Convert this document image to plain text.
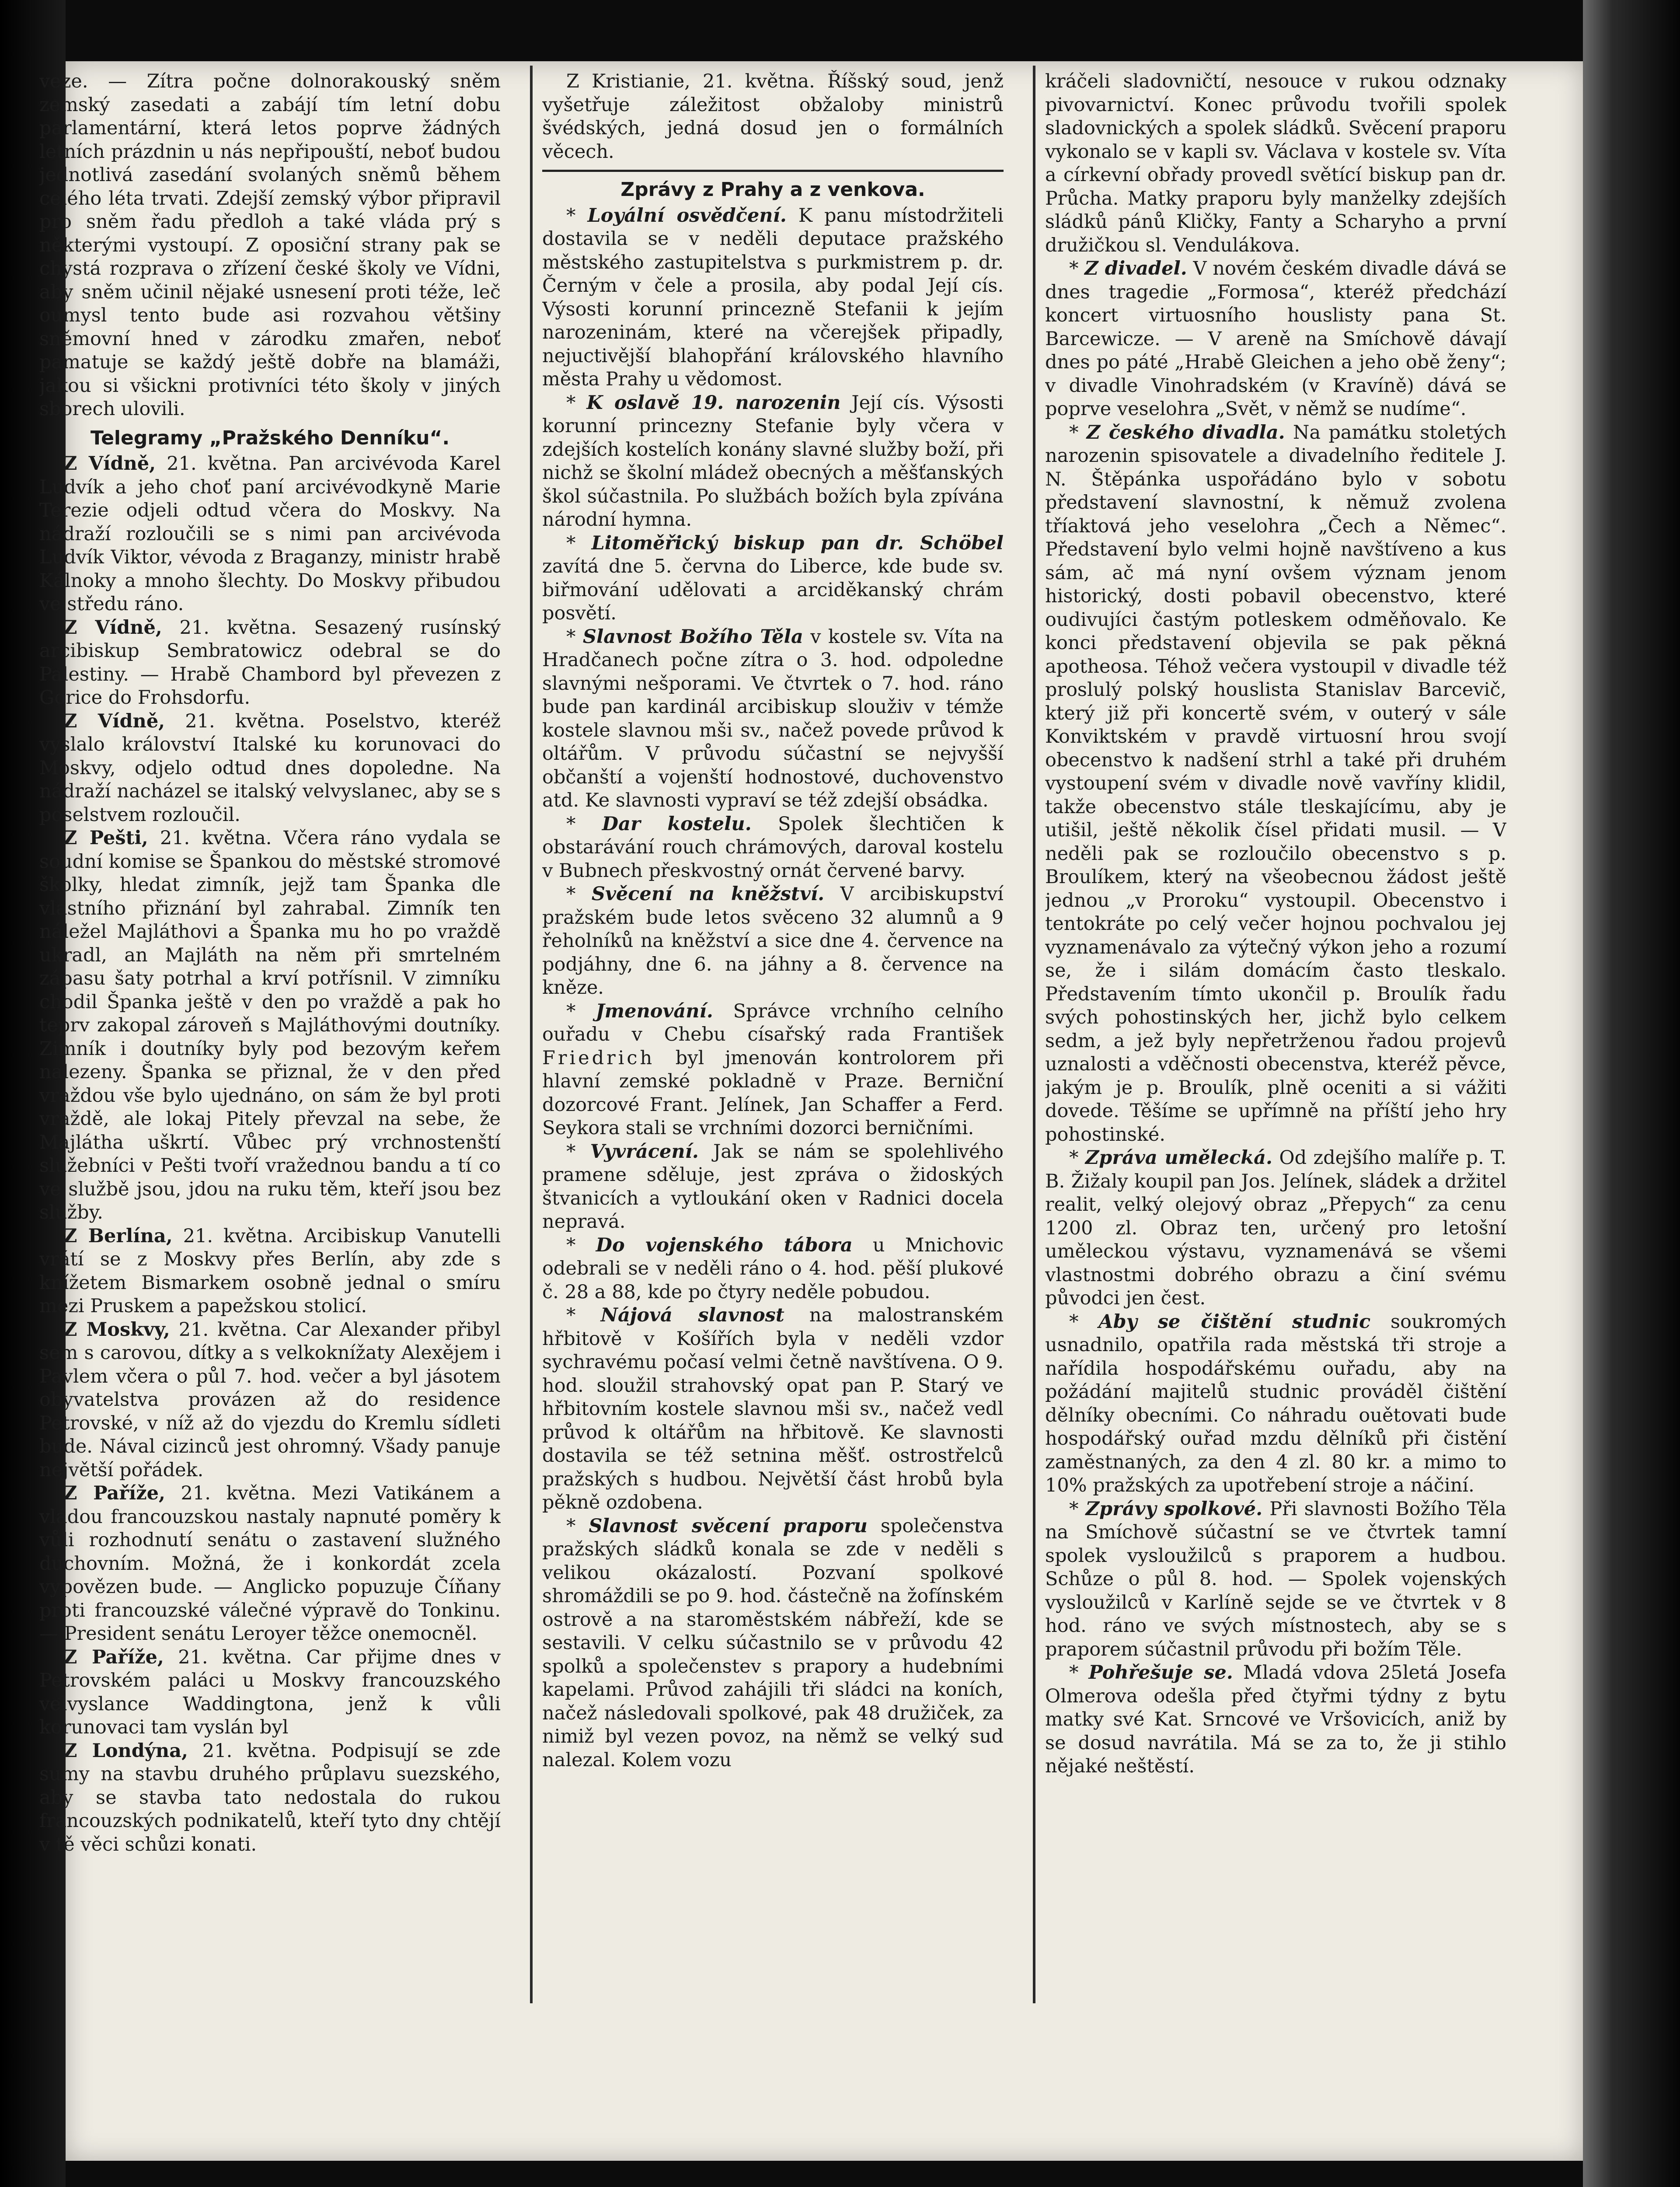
veze. — Zítra počne dolnorakouský sněm zemský zasedati a zabájí tím letní dobu parlamentární, která letos poprve žádných letních prázdnin u nás nepřipouští, neboť budou jednotlivá zasedání svolaných sněmů během celého léta trvati. Zdejší zemský výbor připravil pro sněm řadu předloh a také vláda prý s některými vystoupí. Z oposiční strany pak se chystá rozprava o zřízení české školy ve Vídni, aby sněm učinil nějaké usnesení proti téže, leč oumysl tento bude asi rozvahou většiny sněmovní hned v zárodku zmařen, neboť pamatuje se každý ještě dobře na blamáži, jakou si všickni protivníci této školy v jiných sborech ulovili.

Telegramy „Pražského Denníku“.

Z Vídně, 21. května. Pan arcivévoda Karel Ludvík a jeho choť paní arcivévodkyně Marie Terezie odjeli odtud včera do Moskvy. Na nádraží rozloučili se s nimi pan arcivévoda Ludvík Viktor, vévoda z Braganzy, ministr hrabě Kálnoky a mnoho šlechty. Do Moskvy přibudou ve středu ráno.

Z Vídně, 21. května. Sesazený rusínský arcibiskup Sembratowicz odebral se do Palestiny. — Hrabě Chambord byl převezen z Gorice do Frohsdorfu.

Z Vídně, 21. května. Poselstvo, kteréž vyslalo království Italské ku korunovaci do Moskvy, odjelo odtud dnes dopoledne. Na nádraží nacházel se italský velvyslanec, aby se s poselstvem rozloučil.

Z Pešti, 21. května. Včera ráno vydala se soudní komise se Špankou do městské stromové školky, hledat zimník, jejž tam Španka dle vlastního přiznání byl zahrabal. Zimník ten náležel Majláthovi a Španka mu ho po vraždě ukradl, an Majláth na něm při smrtelném zápasu šaty potrhal a krví potřísnil. V zimníku chodil Španka ještě v den po vraždě a pak ho teprv zakopal zároveň s Majláthovými doutníky. Zimník i doutníky byly pod bezovým keřem nalezeny. Španka se přiznal, že v den před vraždou vše bylo ujednáno, on sám že byl proti vraždě, ale lokaj Pitely převzal na sebe, že Majlátha uškrtí. Vůbec prý vrchnostenští služebníci v Pešti tvoří vražednou bandu a tí co ve službě jsou, jdou na ruku těm, kteří jsou bez služby.

Z Berlína, 21. května. Arcibiskup Vanutelli vrátí se z Moskvy přes Berlín, aby zde s knížetem Bismarkem osobně jednal o smíru mezi Pruskem a papežskou stolicí.

Z Moskvy, 21. května. Car Alexander přibyl sem s carovou, dítky a s velkoknížaty Alexějem i Pavlem včera o půl 7. hod. večer a byl jásotem obyvatelstva provázen až do residence Petrovské, v níž až do vjezdu do Kremlu sídleti bude. Nával cizinců jest ohromný. Všady panuje největší pořádek.

Z Paříže, 21. května. Mezi Vatikánem a vládou francouzskou nastaly napnuté poměry k vůli rozhodnutí senátu o zastavení služného duchovním. Možná, že i konkordát zcela vypovězen bude. — Anglicko popuzuje Číňany proti francouzské válečné výpravě do Tonkinu. — President senátu Leroyer těžce onemocněl.

Z Paříže, 21. května. Car přijme dnes v Petrovském paláci u Moskvy francouzského velvyslance Waddingtona, jenž k vůli korunovaci tam vyslán byl

Z Londýna, 21. května. Podpisují se zde sumy na stavbu druhého průplavu suezského, aby se stavba tato nedostala do rukou francouzských podnikatelů, kteří tyto dny chtějí v tě věci schůzi konati.

Z Kristianie, 21. května. Říšský soud, jenž vyšetřuje záležitost obžaloby ministrů švédských, jedná dosud jen o formálních věcech.

Zprávy z Prahy a z venkova.

* Loyální osvědčení. K panu místodržiteli dostavila se v neděli deputace pražského městského zastupitelstva s purkmistrem p. dr. Černým v čele a prosila, aby podal Její cís. Výsosti korunní princezně Stefanii k jejím narozeninám, které na včerejšek připadly, nejuctivější blahopřání královského hlavního města Prahy u vědomost.

* K oslavě 19. narozenin Její cís. Výsosti korunní princezny Stefanie byly včera v zdejších kostelích konány slavné služby boží, při nichž se školní mládež obecných a měšťanských škol súčastnila. Po službách božích byla zpívána národní hymna.

* Litoměřický biskup pan dr. Schöbel zavítá dne 5. června do Liberce, kde bude sv. biřmování udělovati a arciděkanský chrám posvětí.

* Slavnost Božího Těla v kostele sv. Víta na Hradčanech počne zítra o 3. hod. odpoledne slavnými nešporami. Ve čtvrtek o 7. hod. ráno bude pan kardinál arcibiskup slouživ v témže kostele slavnou mši sv., načež povede průvod k oltářům. V průvodu súčastní se nejvyšší občanští a vojenští hodnostové, duchovenstvo atd. Ke slavnosti vypraví se též zdejší obsádka.

* Dar kostelu. Spolek šlechtičen k obstarávání rouch chrámových, daroval kostelu v Bubnech přeskvostný ornát červené barvy.

* Svěcení na kněžství. V arcibiskupství pražském bude letos svěceno 32 alumnů a 9 řeholníků na kněžství a sice dne 4. července na podjáhny, dne 6. na jáhny a 8. července na kněze.

* Jmenování. Správce vrchního celního ouřadu v Chebu císařský rada František Friedrich byl jmenován kontrolorem při hlavní zemské pokladně v Praze. Berniční dozorcové Frant. Jelínek, Jan Schaffer a Ferd. Seykora stali se vrchními dozorci berničními.

* Vyvrácení. Jak se nám se spolehlivého pramene sděluje, jest zpráva o židoských štvanicích a vytloukání oken v Radnici docela nepravá.

* Do vojenského tábora u Mnichovic odebrali se v neděli ráno o 4. hod. pěší plukové č. 28 a 88, kde po čtyry neděle pobudou.

* Nájová slavnost na malostranském hřbitově v Košířích byla v neděli vzdor sychravému počasí velmi četně navštívena. O 9. hod. sloužil strahovský opat pan P. Starý ve hřbitovním kostele slavnou mši sv., načež vedl průvod k oltářům na hřbitově. Ke slavnosti dostavila se též setnina měšť. ostrostřelců pražských s hudbou. Největší část hrobů byla pěkně ozdobena.

* Slavnost svěcení praporu společenstva pražských sládků konala se zde v neděli s velikou okázalostí. Pozvaní spolkové shromáždili se po 9. hod. částečně na žofínském ostrově a na staroměstském nábřeží, kde se sestavili. V celku súčastnilo se v průvodu 42 spolků a společenstev s prapory a hudebními kapelami. Průvod zahájili tři sládci na koních, načež následovali spolkové, pak 48 družiček, za nimiž byl vezen povoz, na němž se velký sud nalezal. Kolem vozu

kráčeli sladovničtí, nesouce v rukou odznaky pivovarnictví. Konec průvodu tvořili spolek sladovnických a spolek sládků. Svěcení praporu vykonalo se v kapli sv. Václava v kostele sv. Víta a církevní obřady provedl světící biskup pan dr. Průcha. Matky praporu byly manželky zdejších sládků pánů Kličky, Fanty a Scharyho a první družičkou sl. Vendulákova.

* Z divadel. V novém českém divadle dává se dnes tragedie „Formosa“, kteréž předchází koncert virtuosního houslisty pana St. Barcewicze. — V areně na Smíchově dávají dnes po páté „Hrabě Gleichen a jeho obě ženy“; v divadle Vinohradském (v Kravíně) dává se poprve veselohra „Svět, v němž se nudíme“.

* Z českého divadla. Na památku stoletých narozenin spisovatele a divadelního ředitele J. N. Štěpánka uspořádáno bylo v sobotu představení slavnostní, k němuž zvolena tříaktová jeho veselohra „Čech a Němec“. Představení bylo velmi hojně navštíveno a kus sám, ač má nyní ovšem význam jenom historický, dosti pobavil obecenstvo, které oudivujíci častým potleskem odměňovalo. Ke konci představení objevila se pak pěkná apotheosa. Téhož večera vystoupil v divadle též proslulý polský houslista Stanislav Barcevič, který již při koncertě svém, v outerý v sále Konviktském v pravdě virtuosní hrou svojí obecenstvo k nadšení strhl a také při druhém vystoupení svém v divadle nově vavříny klidil, takže obecenstvo stále tleskajícímu, aby je utišil, ještě několik čísel přidati musil. — V neděli pak se rozloučilo obecenstvo s p. Broulíkem, který na všeobecnou žádost ještě jednou „v Proroku“ vystoupil. Obecenstvo i tentokráte po celý večer hojnou pochvalou jej vyznamenávalo za výtečný výkon jeho a rozumí se, že i silám domácím často tleskalo. Představením tímto ukončil p. Broulík řadu svých pohostinských her, jichž bylo celkem sedm, a jež byly nepřetrženou řadou projevů uznalosti a vděčnosti obecenstva, kteréž pěvce, jakým je p. Broulík, plně oceniti a si vážiti dovede. Těšíme se upřímně na příští jeho hry pohostinské.

* Zpráva umělecká. Od zdejšího malíře p. T. B. Žižaly koupil pan Jos. Jelínek, sládek a držitel realit, velký olejový obraz „Přepych“ za cenu 1200 zl. Obraz ten, určený pro letošní uměleckou výstavu, vyznamenává se všemi vlastnostmi dobrého obrazu a činí svému původci jen čest.

* Aby se čištění studnic soukromých usnadnilo, opatřila rada městská tři stroje a nařídila hospodářskému ouřadu, aby na požádání majitelů studnic prováděl čištění dělníky obecními. Co náhradu ouětovati bude hospodářský ouřad mzdu dělníků při čistění zaměstnaných, za den 4 zl. 80 kr. a mimo to 10% pražských za upotřebení stroje a náčiní.

* Zprávy spolkové. Při slavnosti Božího Těla na Smíchově súčastní se ve čtvrtek tamní spolek vysloužilců s praporem a hudbou. Schůze o půl 8. hod. — Spolek vojenských vysloužilců v Karlíně sejde se ve čtvrtek v 8 hod. ráno ve svých místnostech, aby se s praporem súčastnil průvodu při božím Těle.

* Pohřešuje se. Mladá vdova 25letá Josefa Olmerova odešla před čtyřmi týdny z bytu matky své Kat. Srncové ve Vršovicích, aniž by se dosud navrátila. Má se za to, že ji stihlo nějaké neštěstí.
